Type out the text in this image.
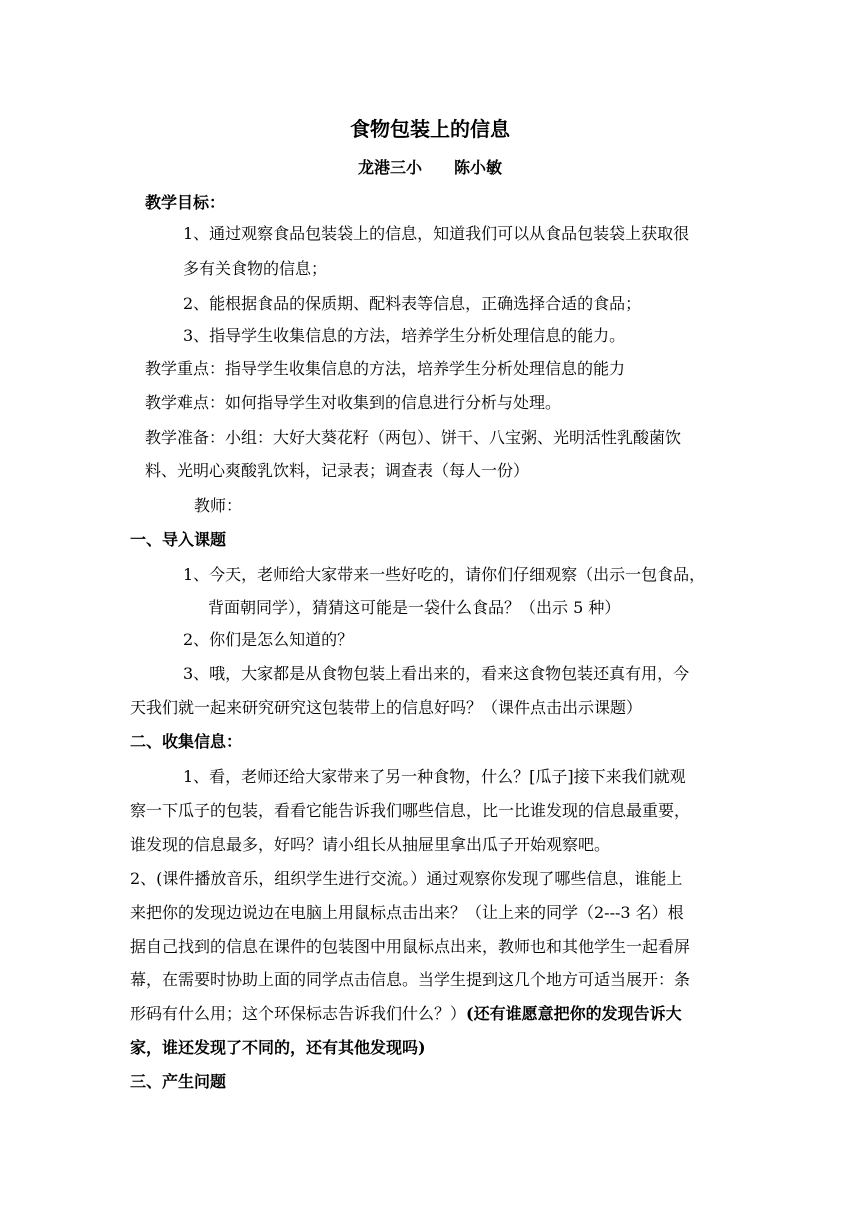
食物包装上的信息
龙港三小 陈小敏
教学目标：
1、通过观察食品包装袋上的信息，知道我们可以从食品包装袋上获取很
多有关食物的信息；
2、能根据食品的保质期、配料表等信息，正确选择合适的食品；
3、指导学生收集信息的方法，培养学生分析处理信息的能力。
教学重点：指导学生收集信息的方法，培养学生分析处理信息的能力
教学难点：如何指导学生对收集到的信息进行分析与处理。
教学准备：小组：大好大葵花籽（两包）、饼干、八宝粥、光明活性乳酸菌饮
料、光明心爽酸乳饮料，记录表；调查表（每人一份）
教师：
一、导入课题
1、今天，老师给大家带来一些好吃的，请你们仔细观察（出示一包食品，
背面朝同学），猜猜这可能是一袋什么食品？（出示 5 种）
2、你们是怎么知道的？
3、哦，大家都是从食物包装上看出来的，看来这食物包装还真有用，今
天我们就一起来研究研究这包装带上的信息好吗？（课件点击出示课题）
二、收集信息：
1、看，老师还给大家带来了另一种食物，什么？[瓜子]接下来我们就观
察一下瓜子的包装，看看它能告诉我们哪些信息，比一比谁发现的信息最重要，
谁发现的信息最多，好吗？请小组长从抽屉里拿出瓜子开始观察吧。
2、(课件播放音乐，组织学生进行交流。）通过观察你发现了哪些信息，谁能上
来把你的发现边说边在电脑上用鼠标点击出来？（让上来的同学（2---3 名）根
据自己找到的信息在课件的包装图中用鼠标点出来，教师也和其他学生一起看屏
幕，在需要时协助上面的同学点击信息。当学生提到这几个地方可适当展开：条
形码有什么用；这个环保标志告诉我们什么？）(还有谁愿意把你的发现告诉大
家，谁还发现了不同的，还有其他发现吗)
三、产生问题
